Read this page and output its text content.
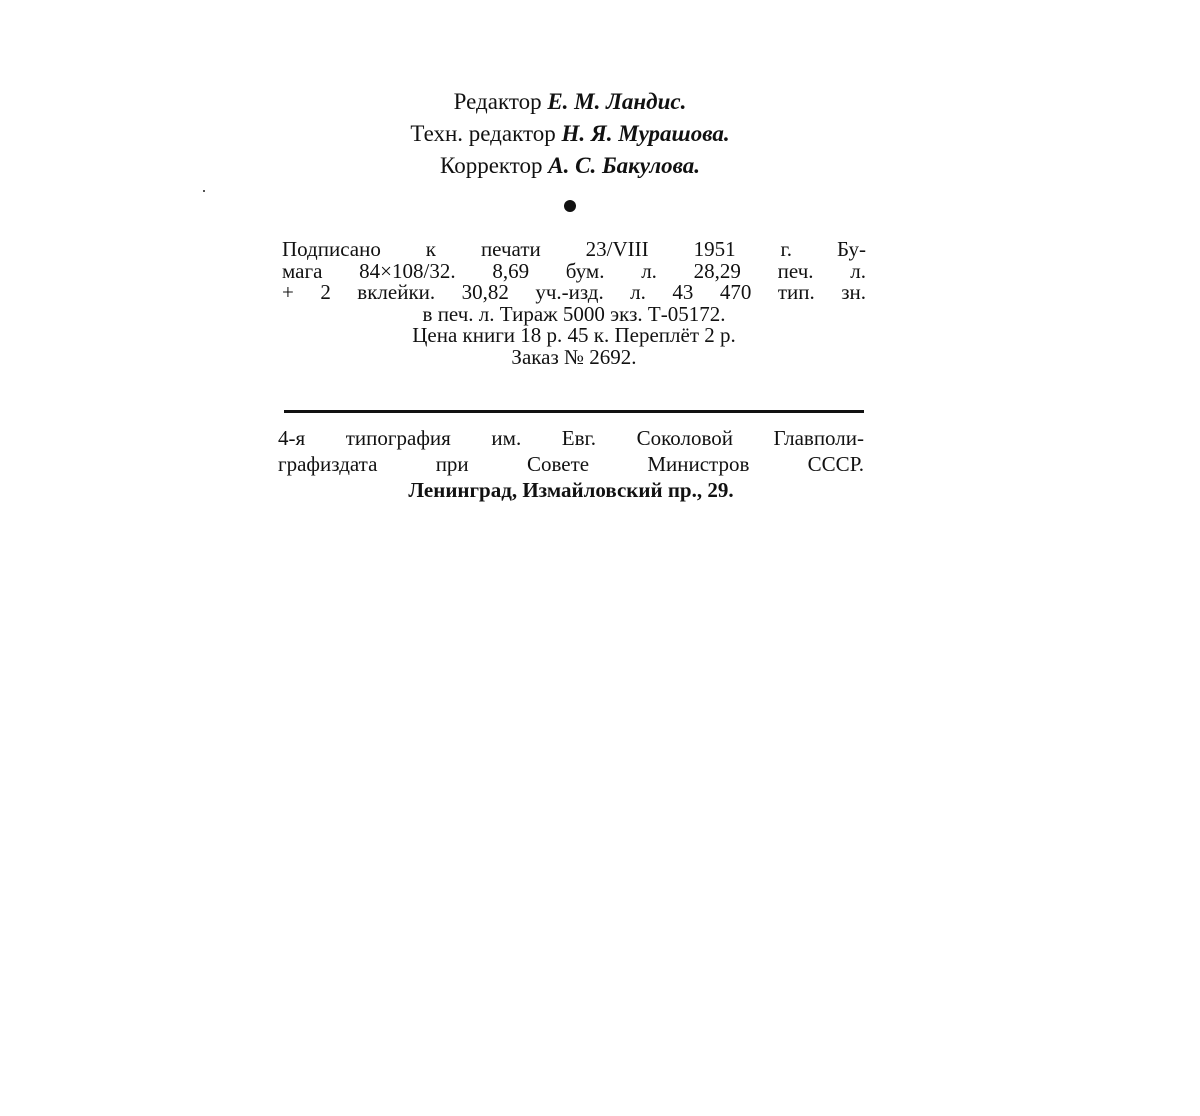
Редактор Е. М. Ландис.
Техн. редактор Н. Я. Мурашова.
Корректор А. С. Бакулова.
Подписано к печати 23/VIII 1951 г. Бу-
мага 84×108/32. 8,69 бум. л. 28,29 печ. л.
+ 2 вклейки. 30,82 уч.-изд. л. 43 470 тип. зн.
в печ. л. Тираж 5000 экз. Т-05172.
Цена книги 18 р. 45 к. Переплёт 2 р.
Заказ № 2692.
4-я типография им. Евг. Соколовой Главполи-
графиздата при Совете Министров СССР.
Ленинград, Измайловский пр., 29.
